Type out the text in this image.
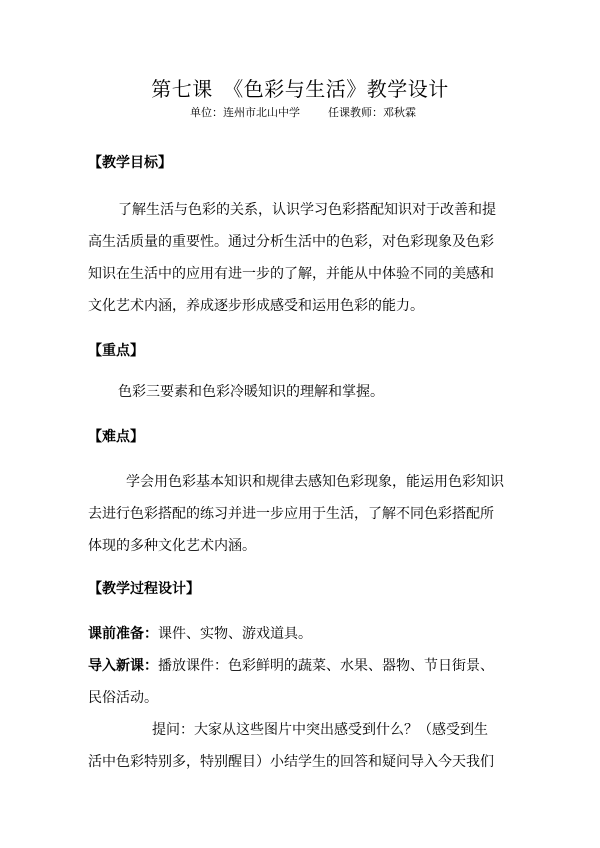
第七课　《色彩与生活》教学设计
单位：连州市北山中学	任课教师：邓秋霖
【教学目标】
了解生活与色彩的关系，认识学习色彩搭配知识对于改善和提
高生活质量的重要性。通过分析生活中的色彩，对色彩现象及色彩
知识在生活中的应用有进一步的了解，并能从中体验不同的美感和
文化艺术内涵，养成逐步形成感受和运用色彩的能力。
【重点】
色彩三要素和色彩冷暖知识的理解和掌握。
【难点】
学会用色彩基本知识和规律去感知色彩现象，能运用色彩知识
去进行色彩搭配的练习并进一步应用于生活，了解不同色彩搭配所
体现的多种文化艺术内涵。
【教学过程设计】
课前准备：课件、实物、游戏道具。
导入新课：播放课件：色彩鲜明的蔬菜、水果、器物、节日街景、
民俗活动。
提问：大家从这些图片中突出感受到什么？（感受到生
活中色彩特别多，特别醒目）小结学生的回答和疑问导入今天我们
